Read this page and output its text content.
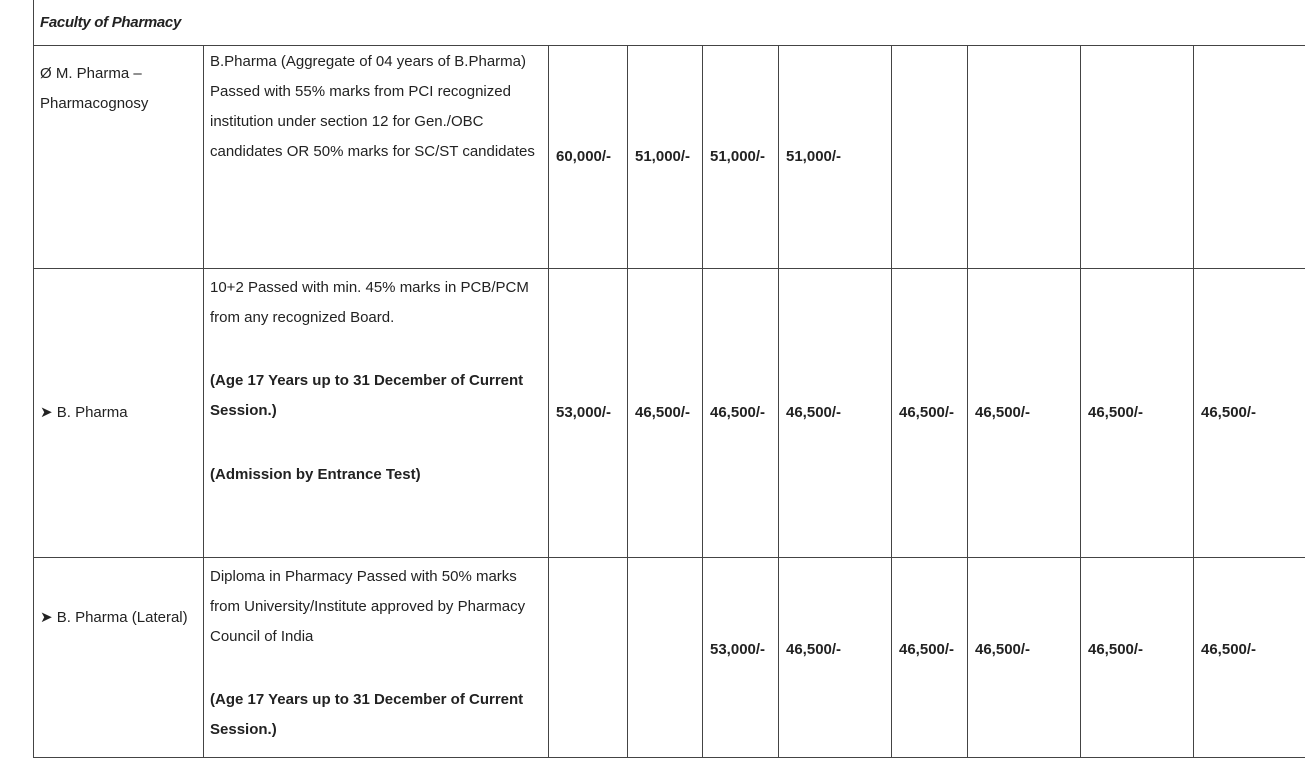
Faculty of Pharmacy									
Ø M. Pharma – Pharmacognosy	B.Pharma (Aggregate of 04 years of B.Pharma) Passed with 55% marks from PCI recognized institution under section 12 for Gen./OBC candidates OR 50% marks for SC/ST candidates	60,000/-	51,000/-	51,000/-	51,000/-				
➤ B. Pharma	10+2 Passed with min. 45% marks in PCB/PCM from any recognized Board.
(Age 17 Years up to 31 December of Current Session.)
(Admission by Entrance Test)	53,000/-	46,500/-	46,500/-	46,500/-	46,500/-	46,500/-	46,500/-	46,500/-
➤ B. Pharma (Lateral)	Diploma in Pharmacy Passed with 50% marks from University/Institute approved by Pharmacy Council of India
(Age 17 Years up to 31 December of Current Session.)			53,000/-	46,500/-	46,500/-	46,500/-	46,500/-	46,500/-
